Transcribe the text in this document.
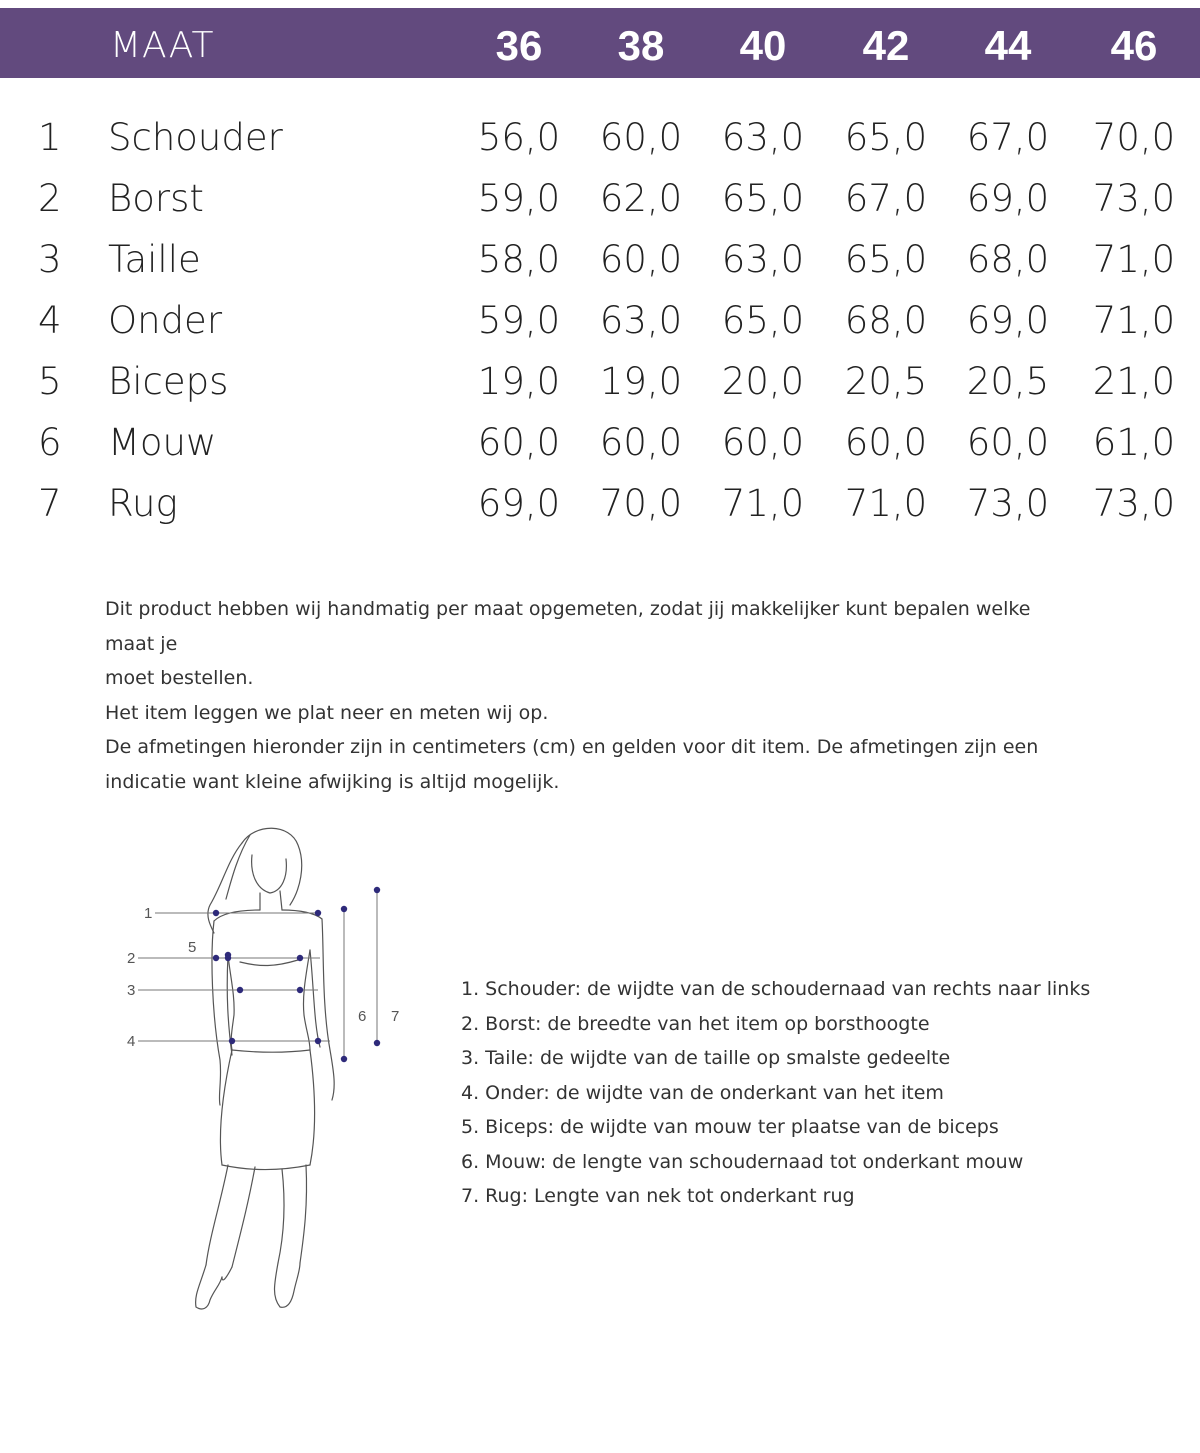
MAAT	36	38	40	42	44	46
1 Schouder	56,0	60,0	63,0	65,0	67,0	70,0
2 Borst	59,0	62,0	65,0	67,0	69,0	73,0
3 Taille	58,0	60,0	63,0	65,0	68,0	71,0
4 Onder	59,0	63,0	65,0	68,0	69,0	71,0
5 Biceps	19,0	19,0	20,0	20,5	20,5	21,0
6 Mouw	60,0	60,0	60,0	60,0	60,0	61,0
7 Rug	69,0	70,0	71,0	71,0	73,0	73,0

Dit product hebben wij handmatig per maat opgemeten, zodat jij makkelijker kunt bepalen welke maat je

moet bestellen.

Het item leggen we plat neer en meten wij op.

De afmetingen hieronder zijn in centimeters (cm) en gelden voor dit item. De afmetingen zijn een

indicatie want kleine afwijking is altijd mogelijk.

1
5
2
3
4
6 7

1. Schouder: de wijdte van de schoudernaad van rechts naar links

2. Borst: de breedte van het item op borsthoogte

3. Taile: de wijdte van de taille op smalste gedeelte

4. Onder: de wijdte van de onderkant van het item

5. Biceps: de wijdte van mouw ter plaatse van de biceps

6. Mouw: de lengte van schoudernaad tot onderkant mouw

7. Rug: Lengte van nek tot onderkant rug
